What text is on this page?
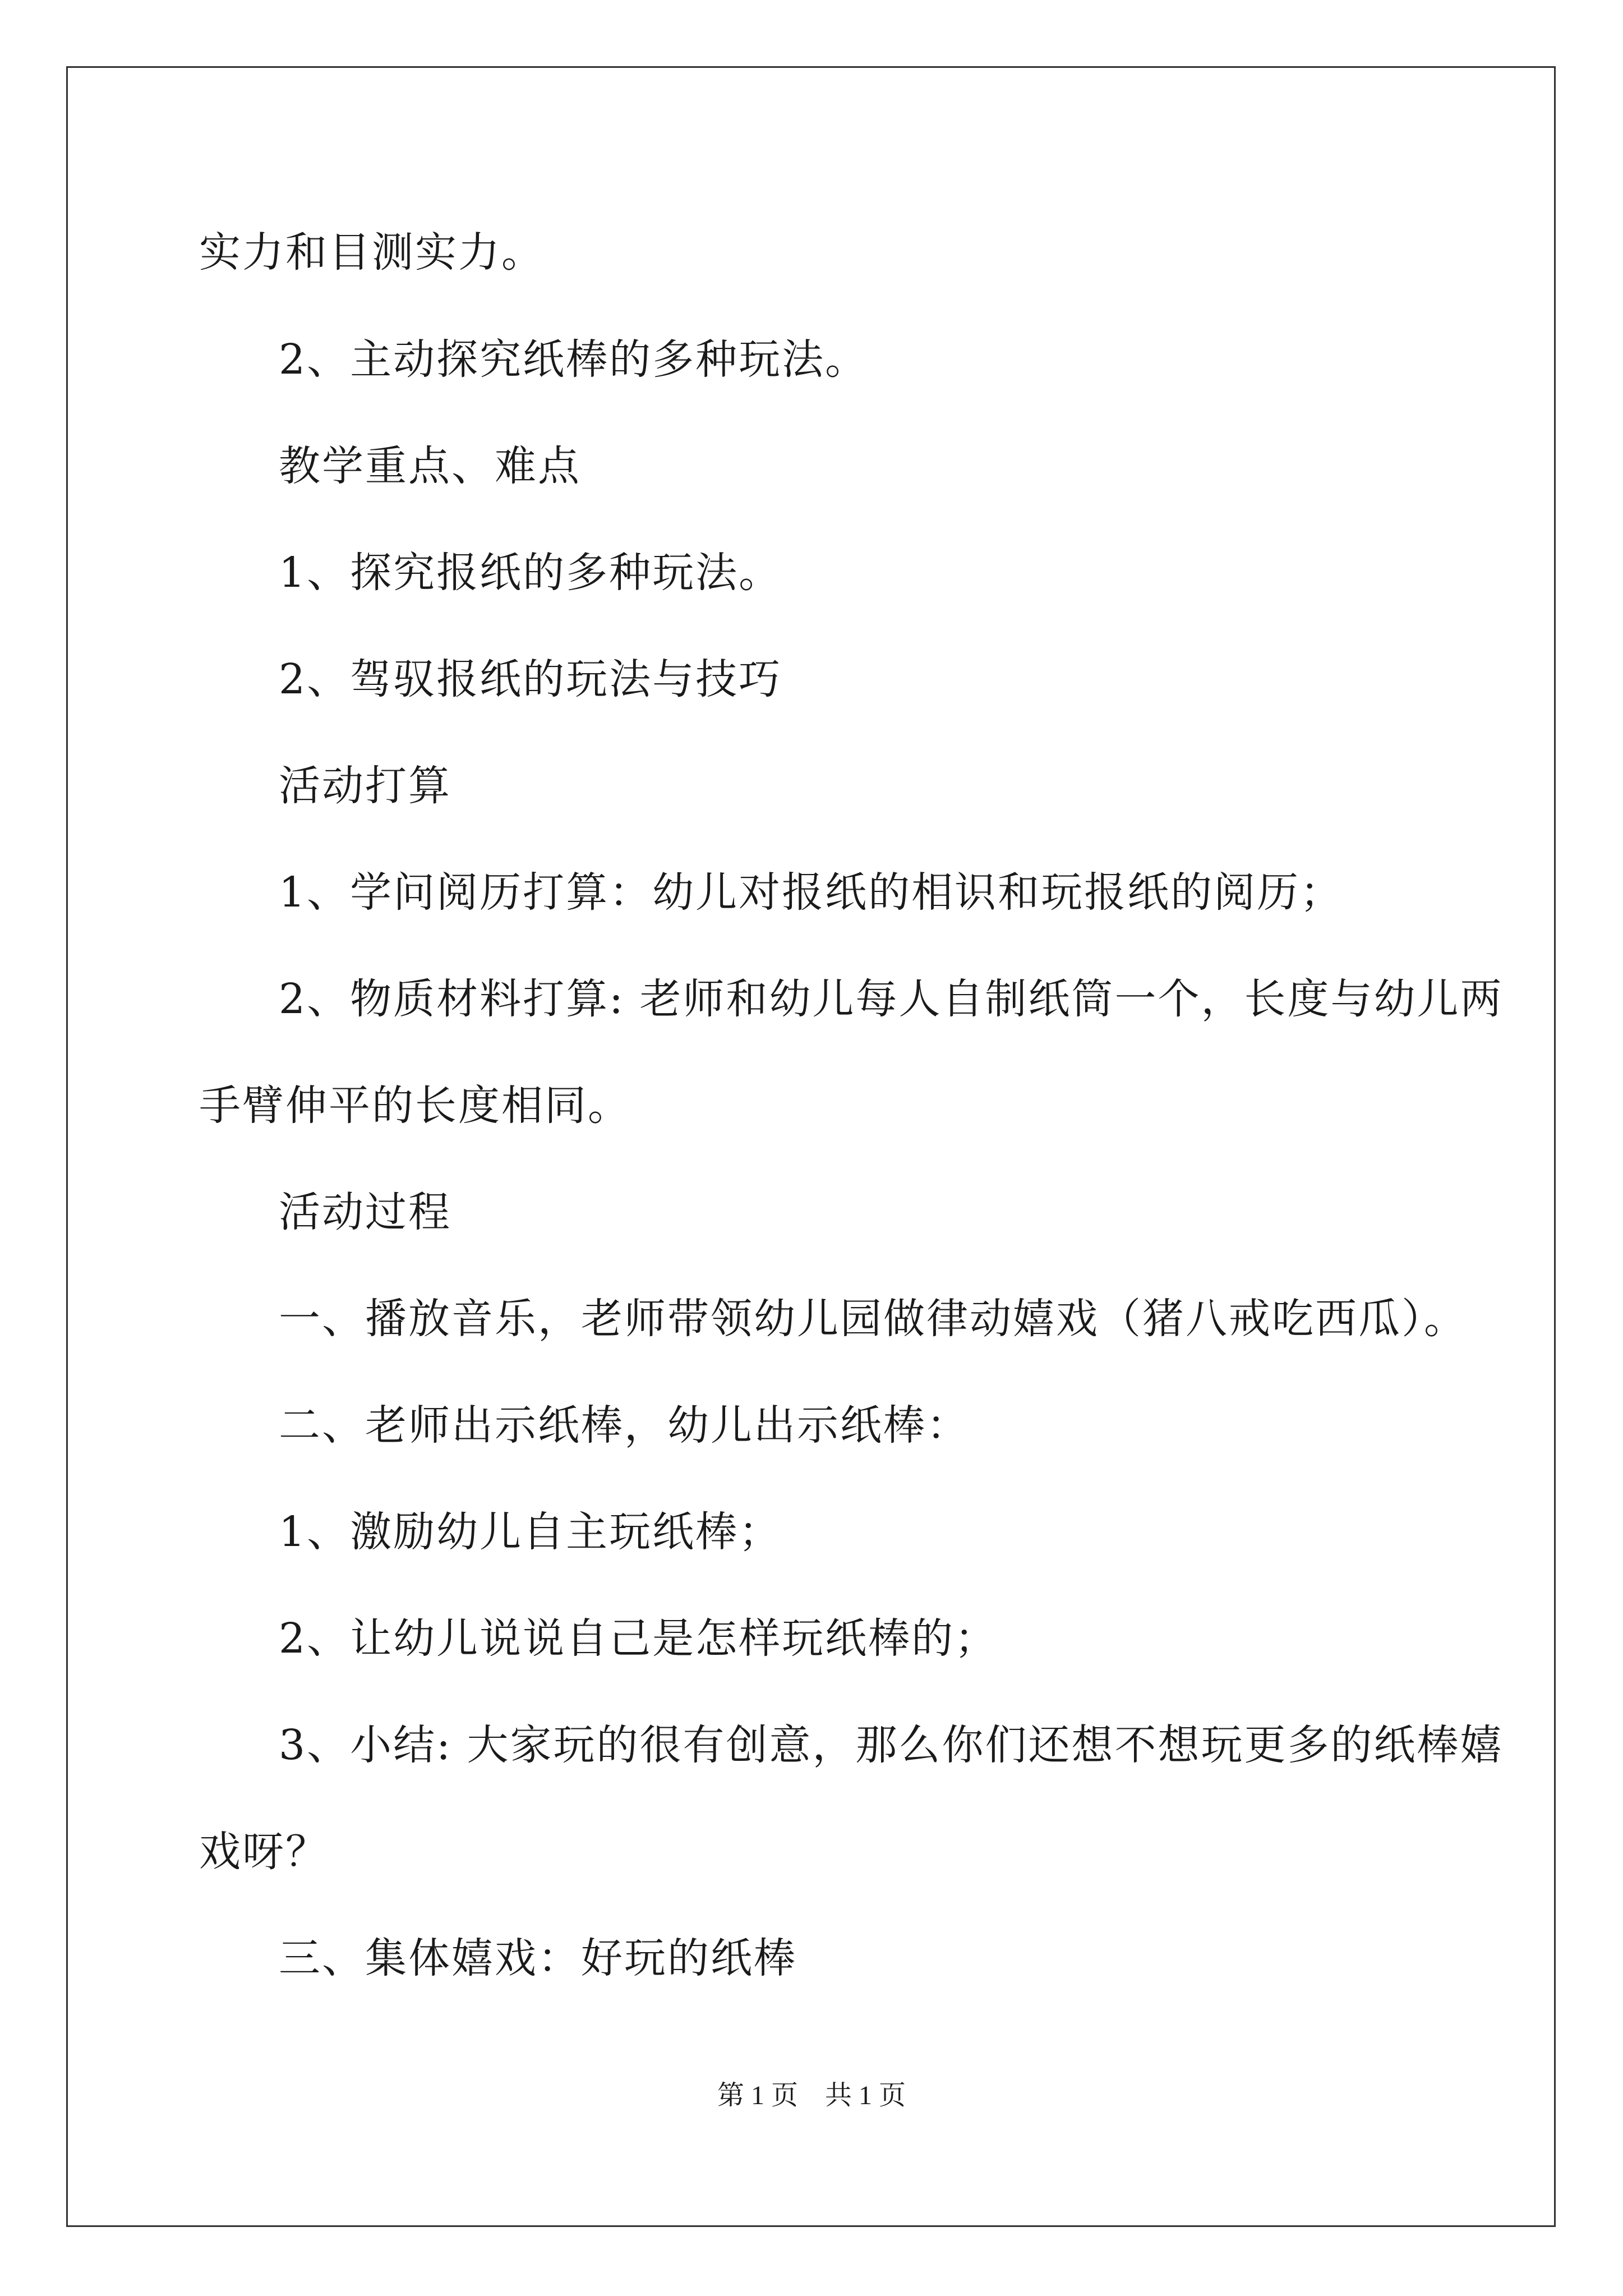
实力和目测实力。
2、主动探究纸棒的多种玩法。
教学重点、难点
1、探究报纸的多种玩法。
2、驾驭报纸的玩法与技巧
活动打算
1、学问阅历打算：幼儿对报纸的相识和玩报纸的阅历；
2、物质材料打算: 老师和幼儿每人自制纸筒一个，长度与幼儿两
手臂伸平的长度相同。
活动过程
一、播放音乐，老师带领幼儿园做律动嬉戏（猪八戒吃西瓜）。
二、老师出示纸棒，幼儿出示纸棒：
1、激励幼儿自主玩纸棒；
2、让幼儿说说自己是怎样玩纸棒的；
3、小结: 大家玩的很有创意，那么你们还想不想玩更多的纸棒嬉
戏呀？
三、集体嬉戏：好玩的纸棒
第 1 页 共 1 页
